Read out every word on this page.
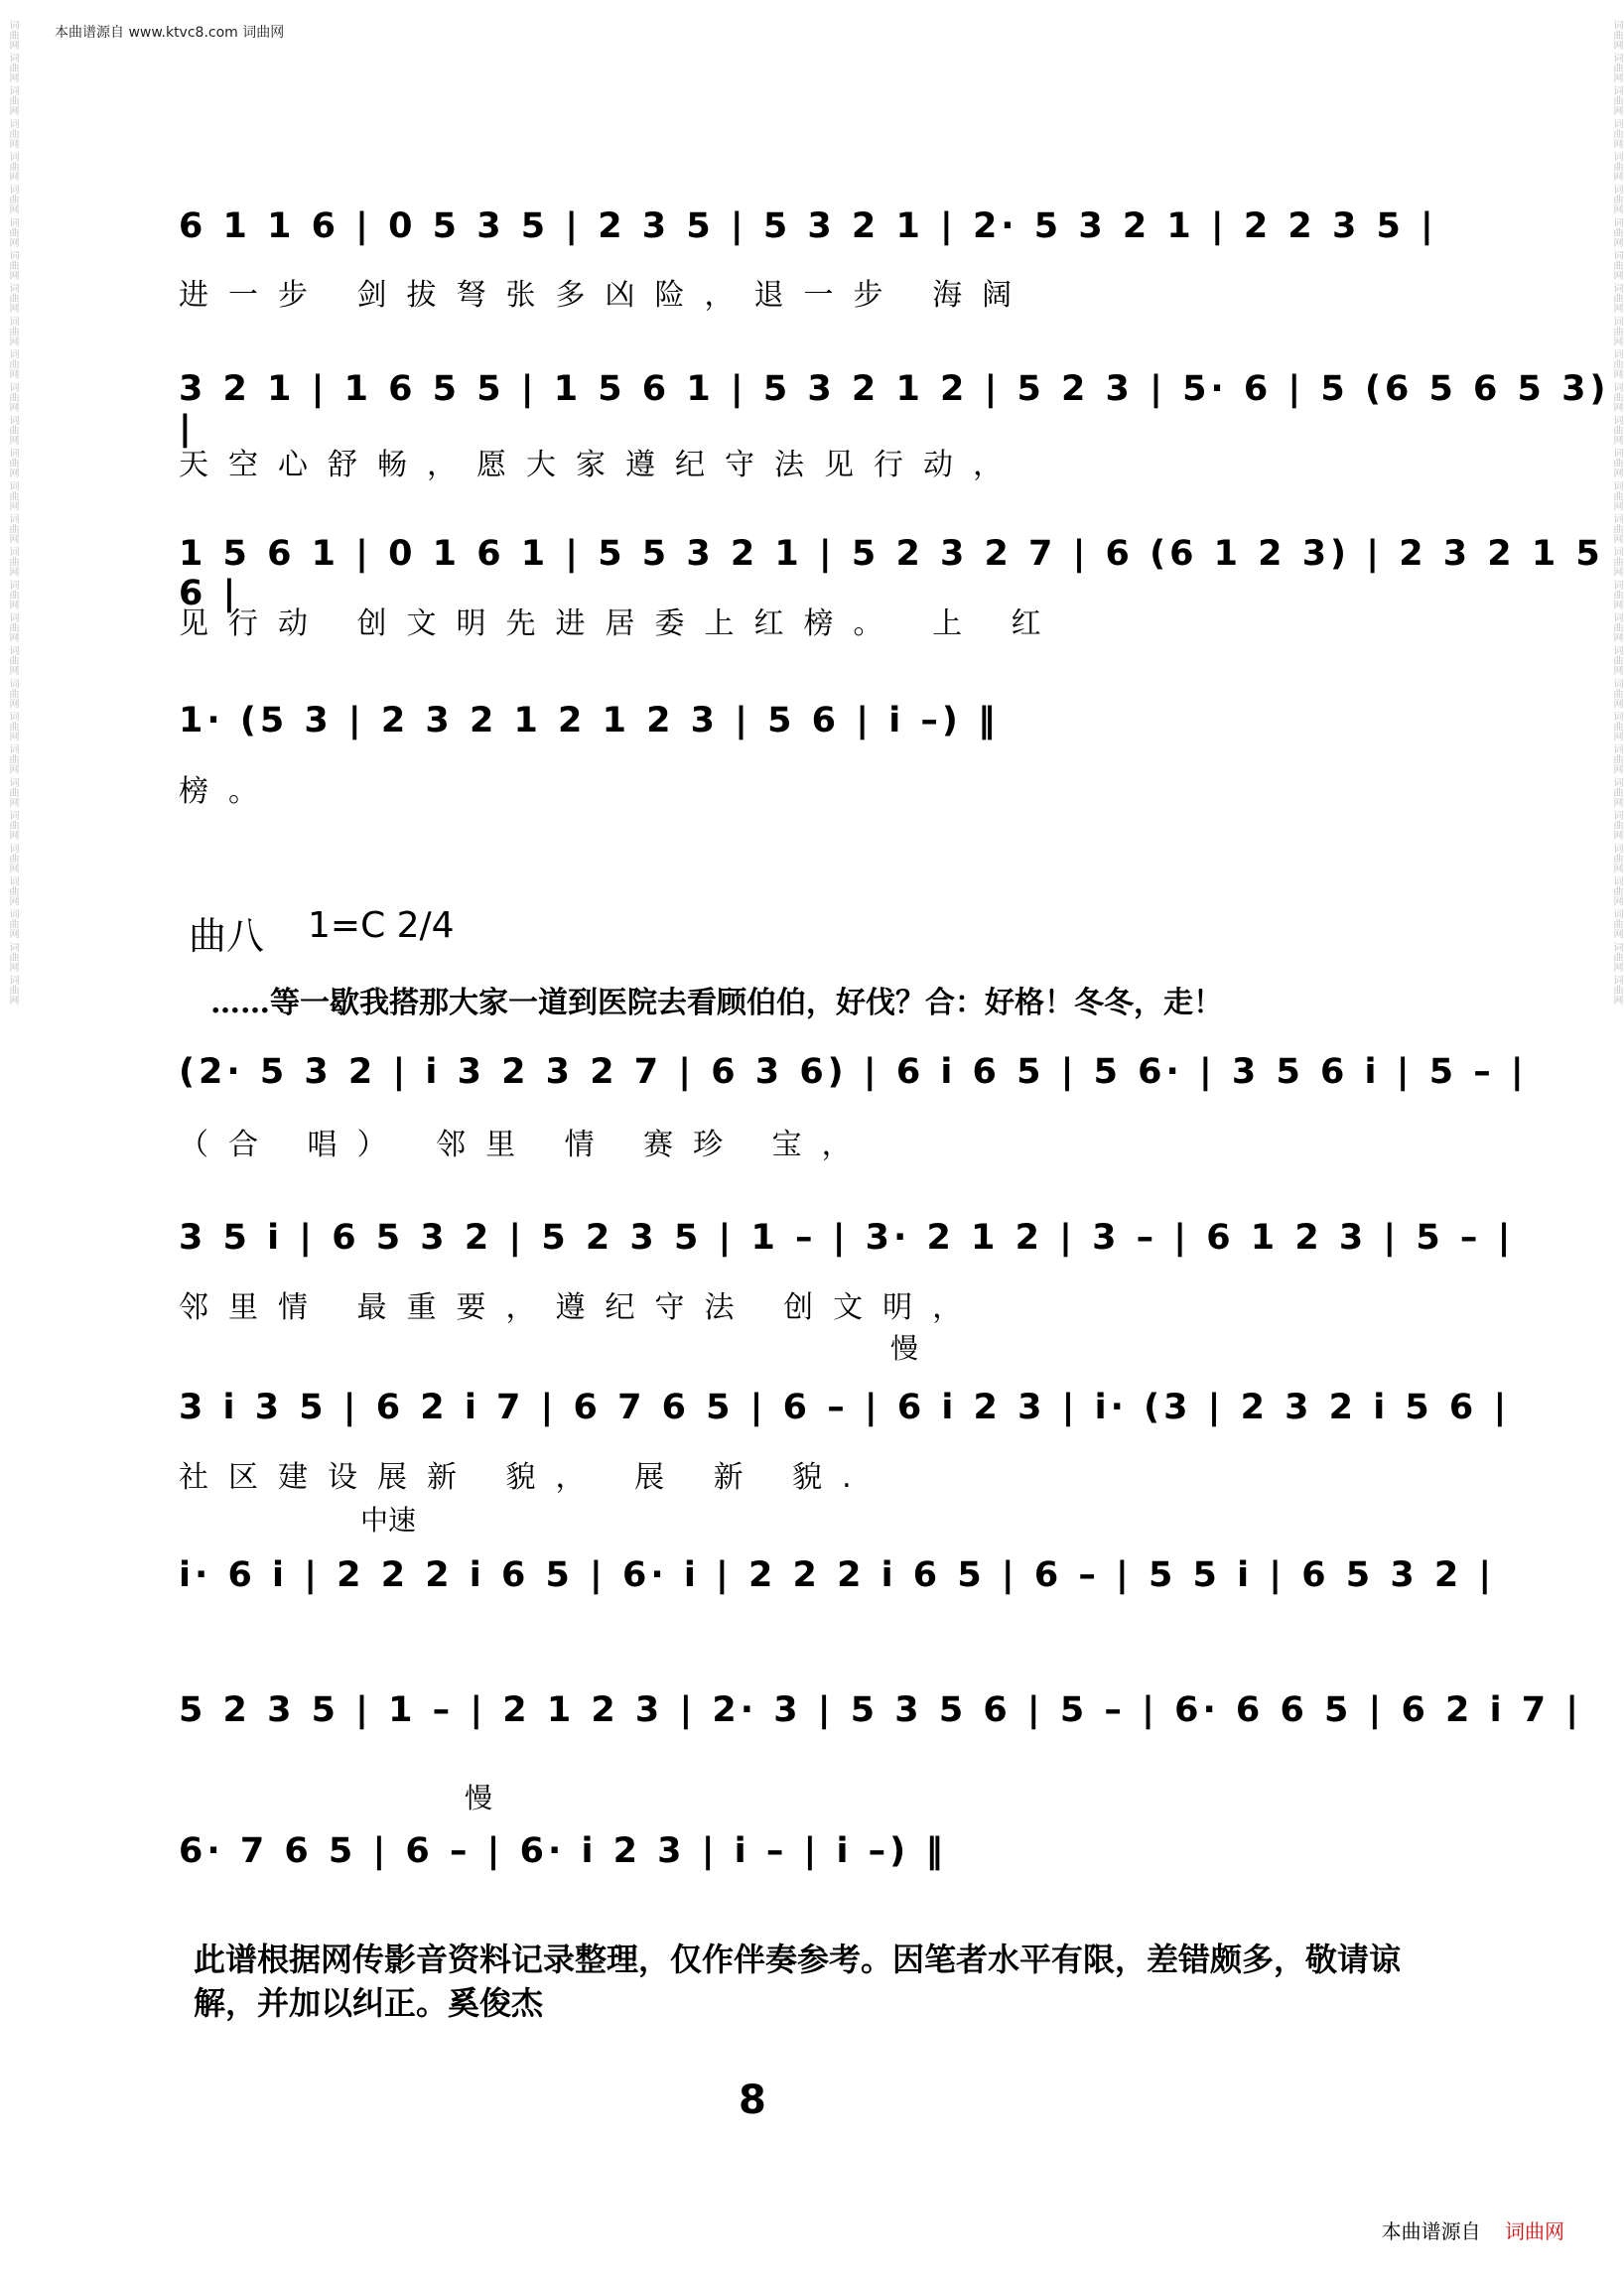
本曲谱源自 www.ktvc8.com 词曲网
词曲网 词曲网 词曲网 词曲网 词曲网 词曲网 词曲网 词曲网 词曲网 词曲网 词曲网 词曲网 词曲网 词曲网 词曲网 词曲网 词曲网 词曲网 词曲网 词曲网 词曲网 词曲网 词曲网 词曲网 词曲网 词曲网 词曲网 词曲网 词曲网 词曲网	词曲网 词曲网 词曲网 词曲网 词曲网 词曲网 词曲网 词曲网 词曲网 词曲网 词曲网 词曲网 词曲网 词曲网 词曲网 词曲网 词曲网 词曲网 词曲网 词曲网 词曲网 词曲网 词曲网 词曲网 词曲网 词曲网 词曲网 词曲网 词曲网 词曲网
6 1 1 6 | 0 5 3 5 | 2 3 5 | 5 3 2 1 | 2· 5 3 2 1 | 2 2 3 5 |
进一步 剑拔弩张多凶险，退一步 海阔
3 2 1 | 1 6 5 5 | 1 5 6 1 | 5 3 2 1 2 | 5 2 3 | 5· 6 | 5 (6 5 6 5 3) |
天空心舒畅，愿大家遵纪守法见行动，
1 5 6 1 | 0 1 6 1 | 5 5 3 2 1 | 5 2 3 2 7 | 6 (6 1 2 3) | 2 3 2 1 5 6 |
见行动 创文明先进居委上红榜。 上 红
1· (5 3 | 2 3 2 1 2 1 2 3 | 5 6 | i –) ‖
榜。
曲八 1=C 2/4
……等一歇我搭那大家一道到医院去看顾伯伯，好伐？合：好格！冬冬，走！
(2· 5 3 2 | i 3 2 3 2 7 | 6 3 6) | 6 i 6 5 | 5 6· | 3 5 6 i | 5 – |
（合 唱） 邻里 情 赛珍 宝，
3 5 i | 6 5 3 2 | 5 2 3 5 | 1 – | 3· 2 1 2 | 3 – | 6 1 2 3 | 5 – |
邻里情 最重要，遵纪守法 创文明，
慢
3 i 3 5 | 6 2 i 7 | 6 7 6 5 | 6 – | 6 i 2 3 | i· (3 | 2 3 2 i 5 6 |
社区建设展新 貌， 展 新 貌.
中速
i· 6 i | 2 2 2 i 6 5 | 6· i | 2 2 2 i 6 5 | 6 – | 5 5 i | 6 5 3 2 |
5 2 3 5 | 1 – | 2 1 2 3 | 2· 3 | 5 3 5 6 | 5 – | 6· 6 6 5 | 6 2 i 7 |
慢
6· 7 6 5 | 6 – | 6· i 2 3 | i – | i –) ‖
此谱根据网传影音资料记录整理，仅作伴奏参考。因笔者水平有限，差错颇多，敬请谅解，并加以纠正。奚俊杰
8
本曲谱源自 词曲网
